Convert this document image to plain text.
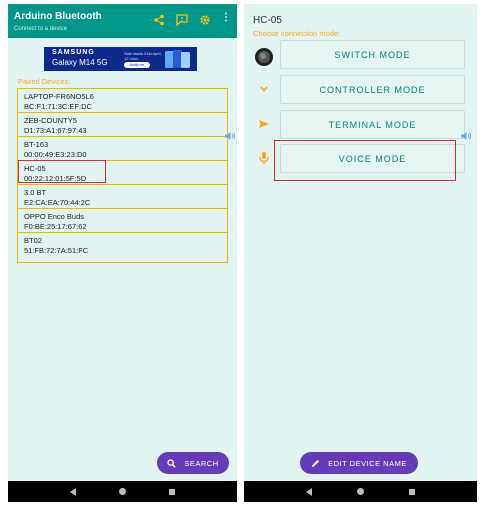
Arduino Bluetooth
Connect to a device
⋮
SAMSUNG
Galaxy M14 5G
Sale starts 21st April, 12 noon
Notify me
Paired Devices:
LAPTOP-FR6NO5L6
BC:F1:71:3C:EF:DC
ZEB-COUNTY5
D1:73:A1:67:97:43
BT-163
00:00:49:E3:23:D0
HC-05
00:22:12:01:5F:5D
3.0 BT
E2:CA:EA:70:44:2C
OPPO Enco Buds
F0:BE:25:17:67:62
BT02
51:FB:72:7A:51:FC
SEARCH
HC-05
Choose connection mode:
SWITCH MODE
CONTROLLER MODE
TERMINAL MODE
VOICE MODE
EDIT DEVICE NAME
